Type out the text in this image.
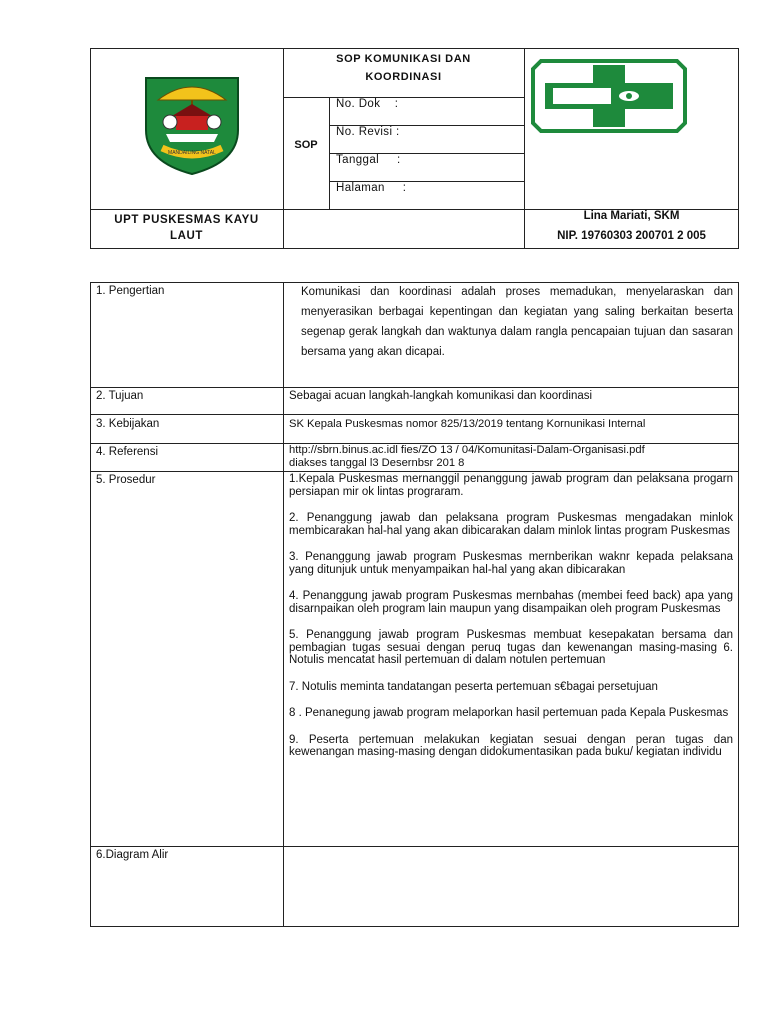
MANDAILING NATAL
SOP KOMUNIKASI DAN
KOORDINASI
SOP
No. Dok    :
No. Revisi :
Tanggal     :
Halaman     :
UPT PUSKESMAS KAYU
LAUT
Lina Mariati, SKM
NIP. 19760303 200701 2 005
1. Pengertian	Komunikasi dan koordinasi adalah proses memadukan, menyelaraskan dan menyerasikan berbagai kepentingan dan kegiatan yang saling berkaitan beserta segenap gerak langkah dan waktunya dalam rangla pencapaian tujuan dan sasaran bersama yang akan dicapai.
2. Tujuan	Sebagai acuan langkah-langkah komunikasi dan koordinasi
3. Kebijakan	SK Kepala Puskesmas nomor 825/13/2019 tentang Kornunikasi Internal
4. Referensi	http://sbrn.binus.ac.idl fies/ZO 13 / 04/Komunitasi-Dalam-Organisasi.pdf
diakses tanggal l3 Desernbsr 201 8
5. Prosedur	1.Kepala Puskesmas mernanggil penanggung jawab program dan pelaksana progarn persiapan mir ok lintas prograram.

2. Penanggung jawab dan pelaksana program Puskesmas mengadakan minlok membicarakan hal-hal yang akan dibicarakan dalam minlok lintas program Puskesmas

3. Penanggung jawab program Puskesmas mernberikan waknr kepada pelaksana yang ditunjuk untuk menyampaikan hal-hal yang akan dibicarakan

4. Penanggung jawab program Puskesmas mernbahas (membei feed back) apa yang disarnpaikan oleh program lain maupun yang disampaikan oleh program Puskesmas

5. Penanggung jawab program Puskesmas membuat kesepakatan bersama dan pembagian tugas sesuai dengan peruq tugas dan kewenangan masing-masing 6. Notulis mencatat hasil pertemuan di dalam notulen pertemuan

7. Notulis meminta tandatangan peserta pertemuan s€bagai persetujuan

8 . Penanegung jawab program melaporkan hasil pertemuan pada Kepala Puskesmas

9. Peserta pertemuan melakukan kegiatan sesuai dengan peran tugas dan kewenangan masing-masing dengan didokumentasikan pada buku/ kegiatan individu

6.Diagram Alir
